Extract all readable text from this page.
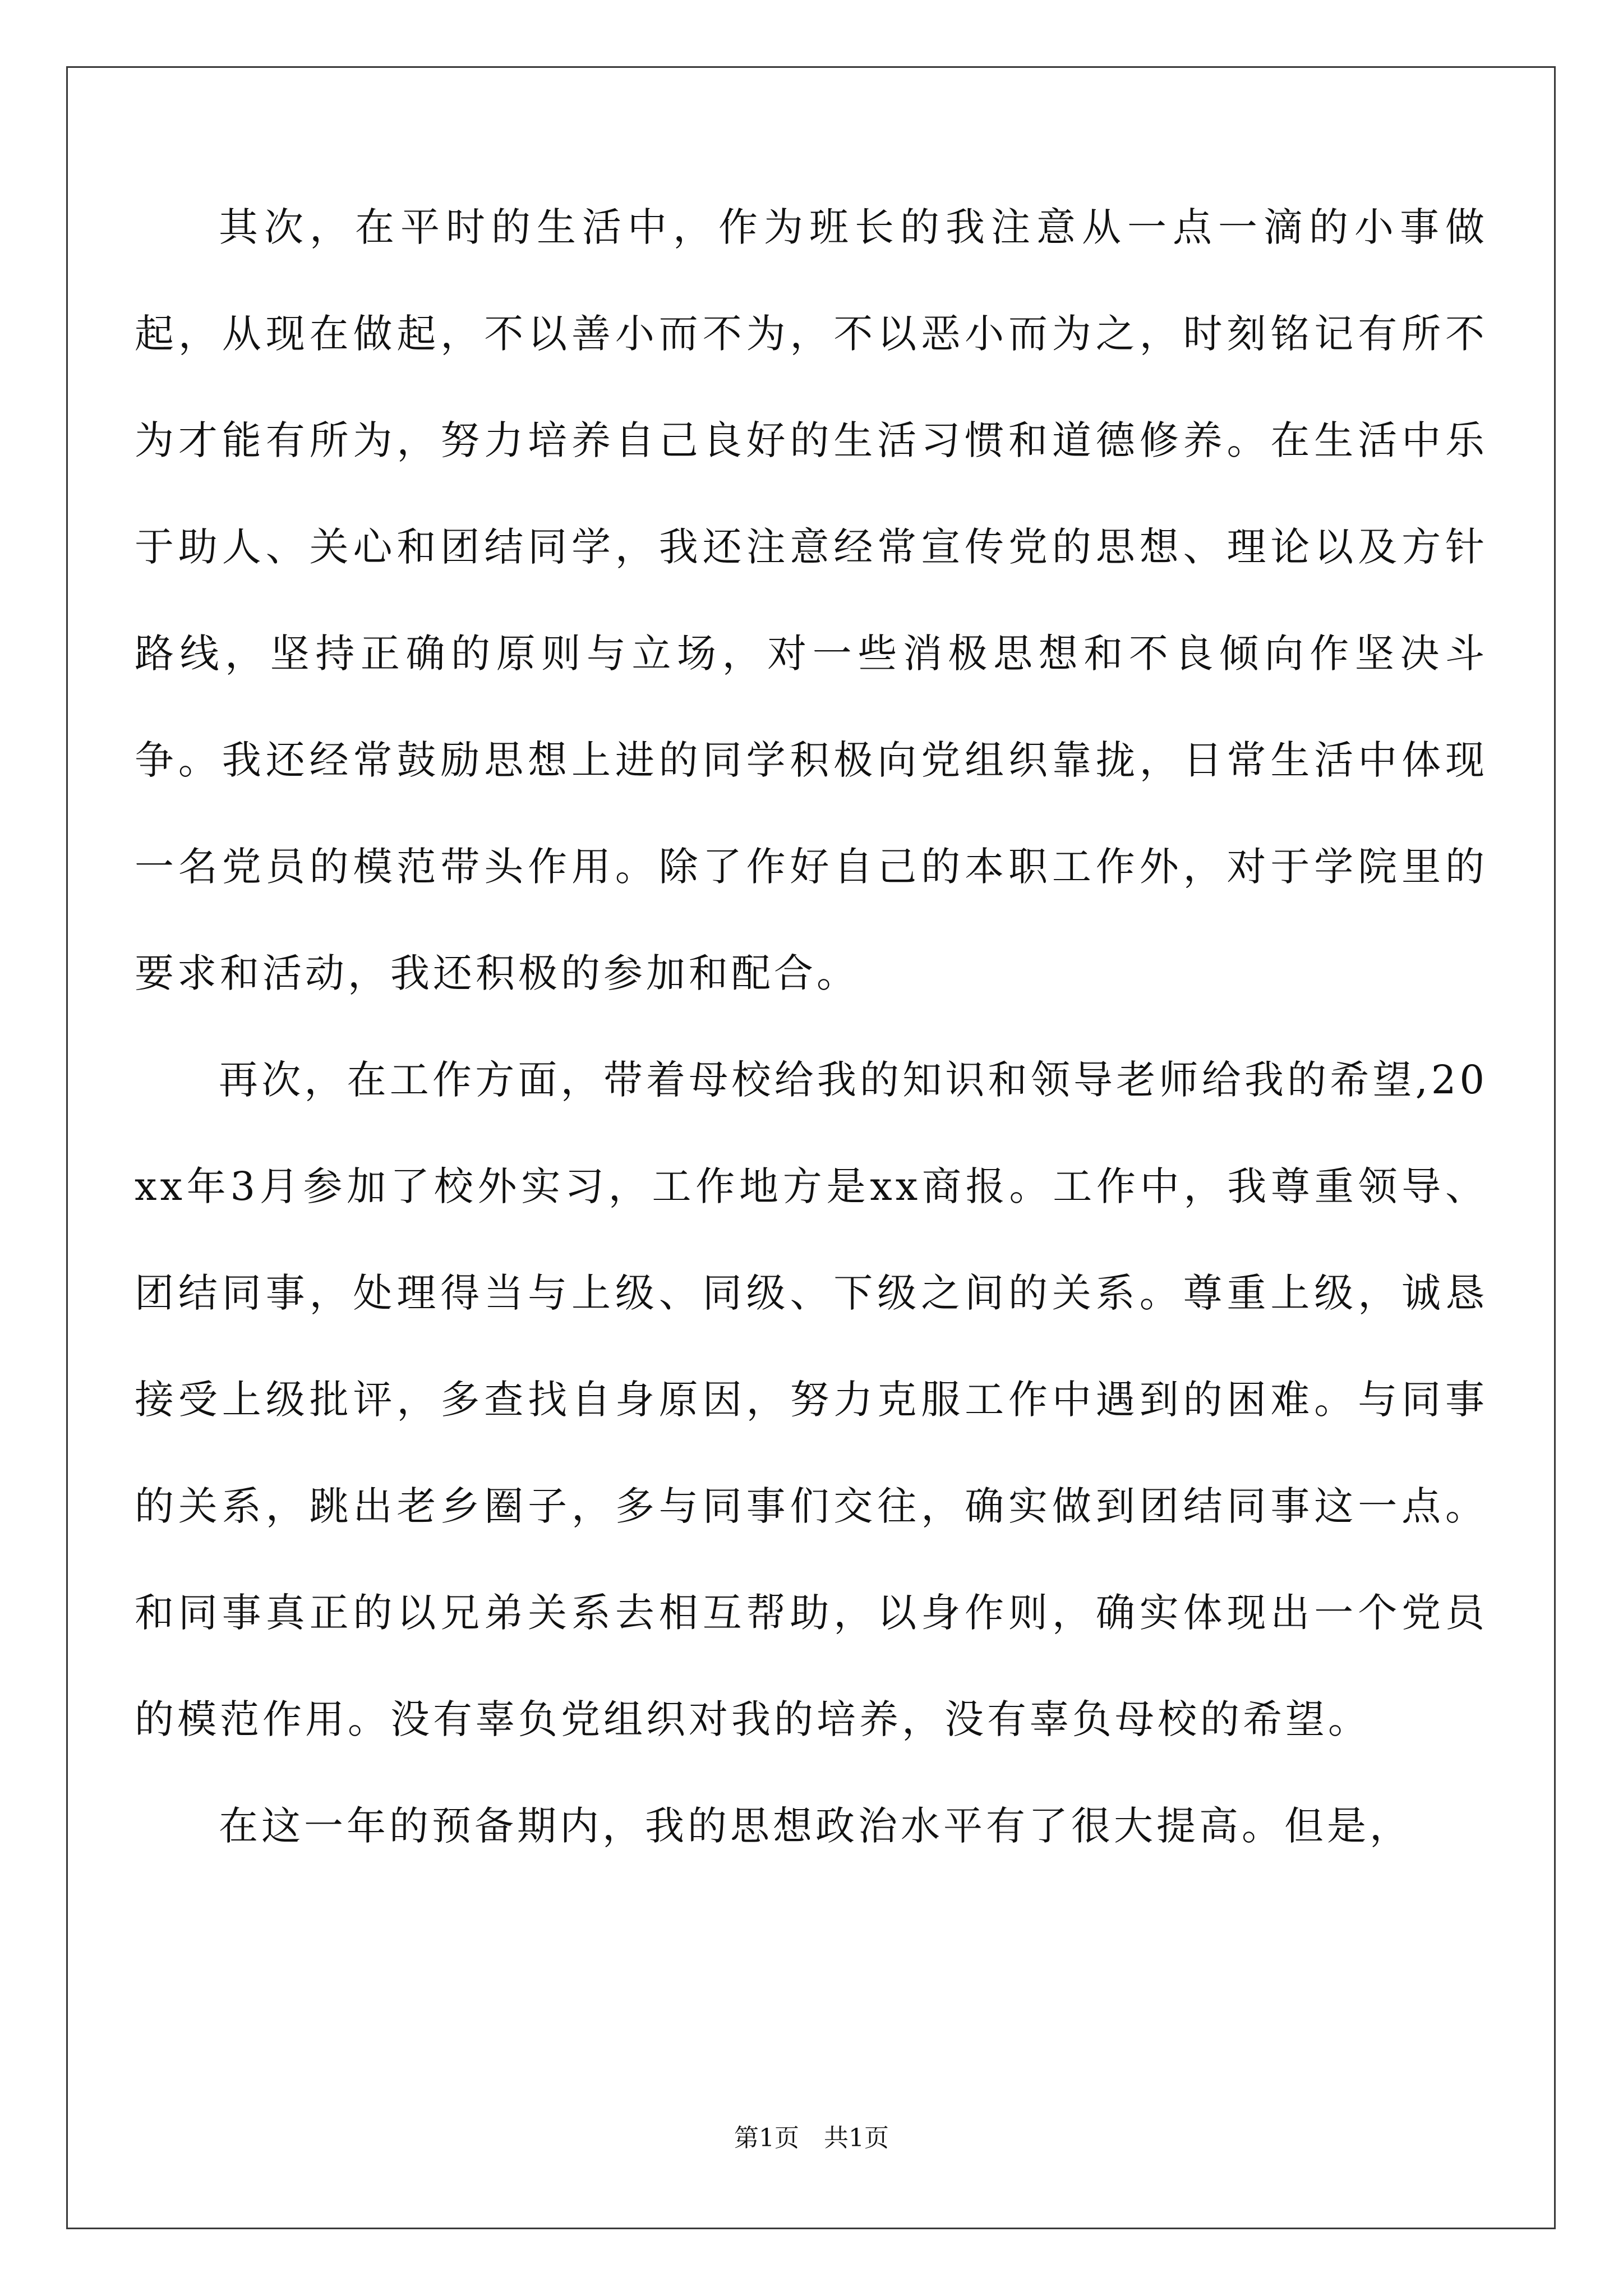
其次，在平时的生活中，作为班长的我注意从一点一滴的小事做起，从现在做起，不以善小而不为，不以恶小而为之，时刻铭记有所不为才能有所为，努力培养自己良好的生活习惯和道德修养。在生活中乐于助人、关心和团结同学，我还注意经常宣传党的思想、理论以及方针路线，坚持正确的原则与立场，对一些消极思想和不良倾向作坚决斗争。我还经常鼓励思想上进的同学积极向党组织靠拢，日常生活中体现一名党员的模范带头作用。除了作好自己的本职工作外，对于学院里的要求和活动，我还积极的参加和配合。

再次，在工作方面，带着母校给我的知识和领导老师给我的希望,20xx年3月参加了校外实习，工作地方是xx商报。工作中，我尊重领导、团结同事，处理得当与上级、同级、下级之间的关系。尊重上级，诚恳接受上级批评，多查找自身原因，努力克服工作中遇到的困难。与同事的关系，跳出老乡圈子，多与同事们交往，确实做到团结同事这一点。和同事真正的以兄弟关系去相互帮助，以身作则，确实体现出一个党员的模范作用。没有辜负党组织对我的培养，没有辜负母校的希望。

在这一年的预备期内，我的思想政治水平有了很大提高。但是，

第1页　共1页
